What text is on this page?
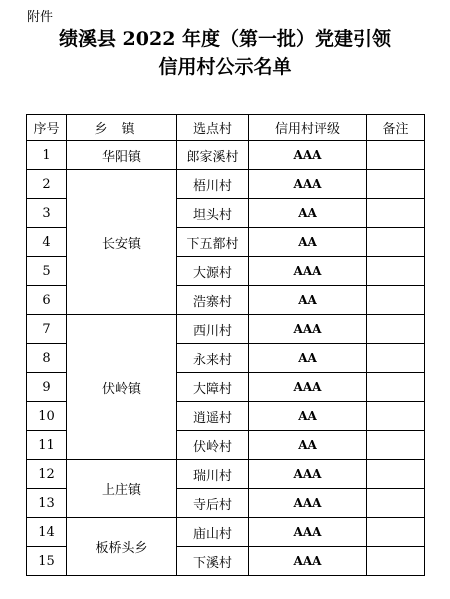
附件
绩溪县 2022 年度（第一批）党建引领
信用村公示名单
序号	乡镇	选点村	信用村评级	备注
1	华阳镇	郎家溪村	AAA	
2	长安镇	梧川村	AAA	
3		坦头村	AA	
4		下五都村	AA	
5		大源村	AAA	
6		浩寨村	AA	
7	伏岭镇	西川村	AAA	
8		永来村	AA	
9		大障村	AAA	
10		逍遥村	AA	
11		伏岭村	AA	
12	上庄镇	瑞川村	AAA	
13		寺后村	AAA	
14	板桥头乡	庙山村	AAA	
15		下溪村	AAA	
